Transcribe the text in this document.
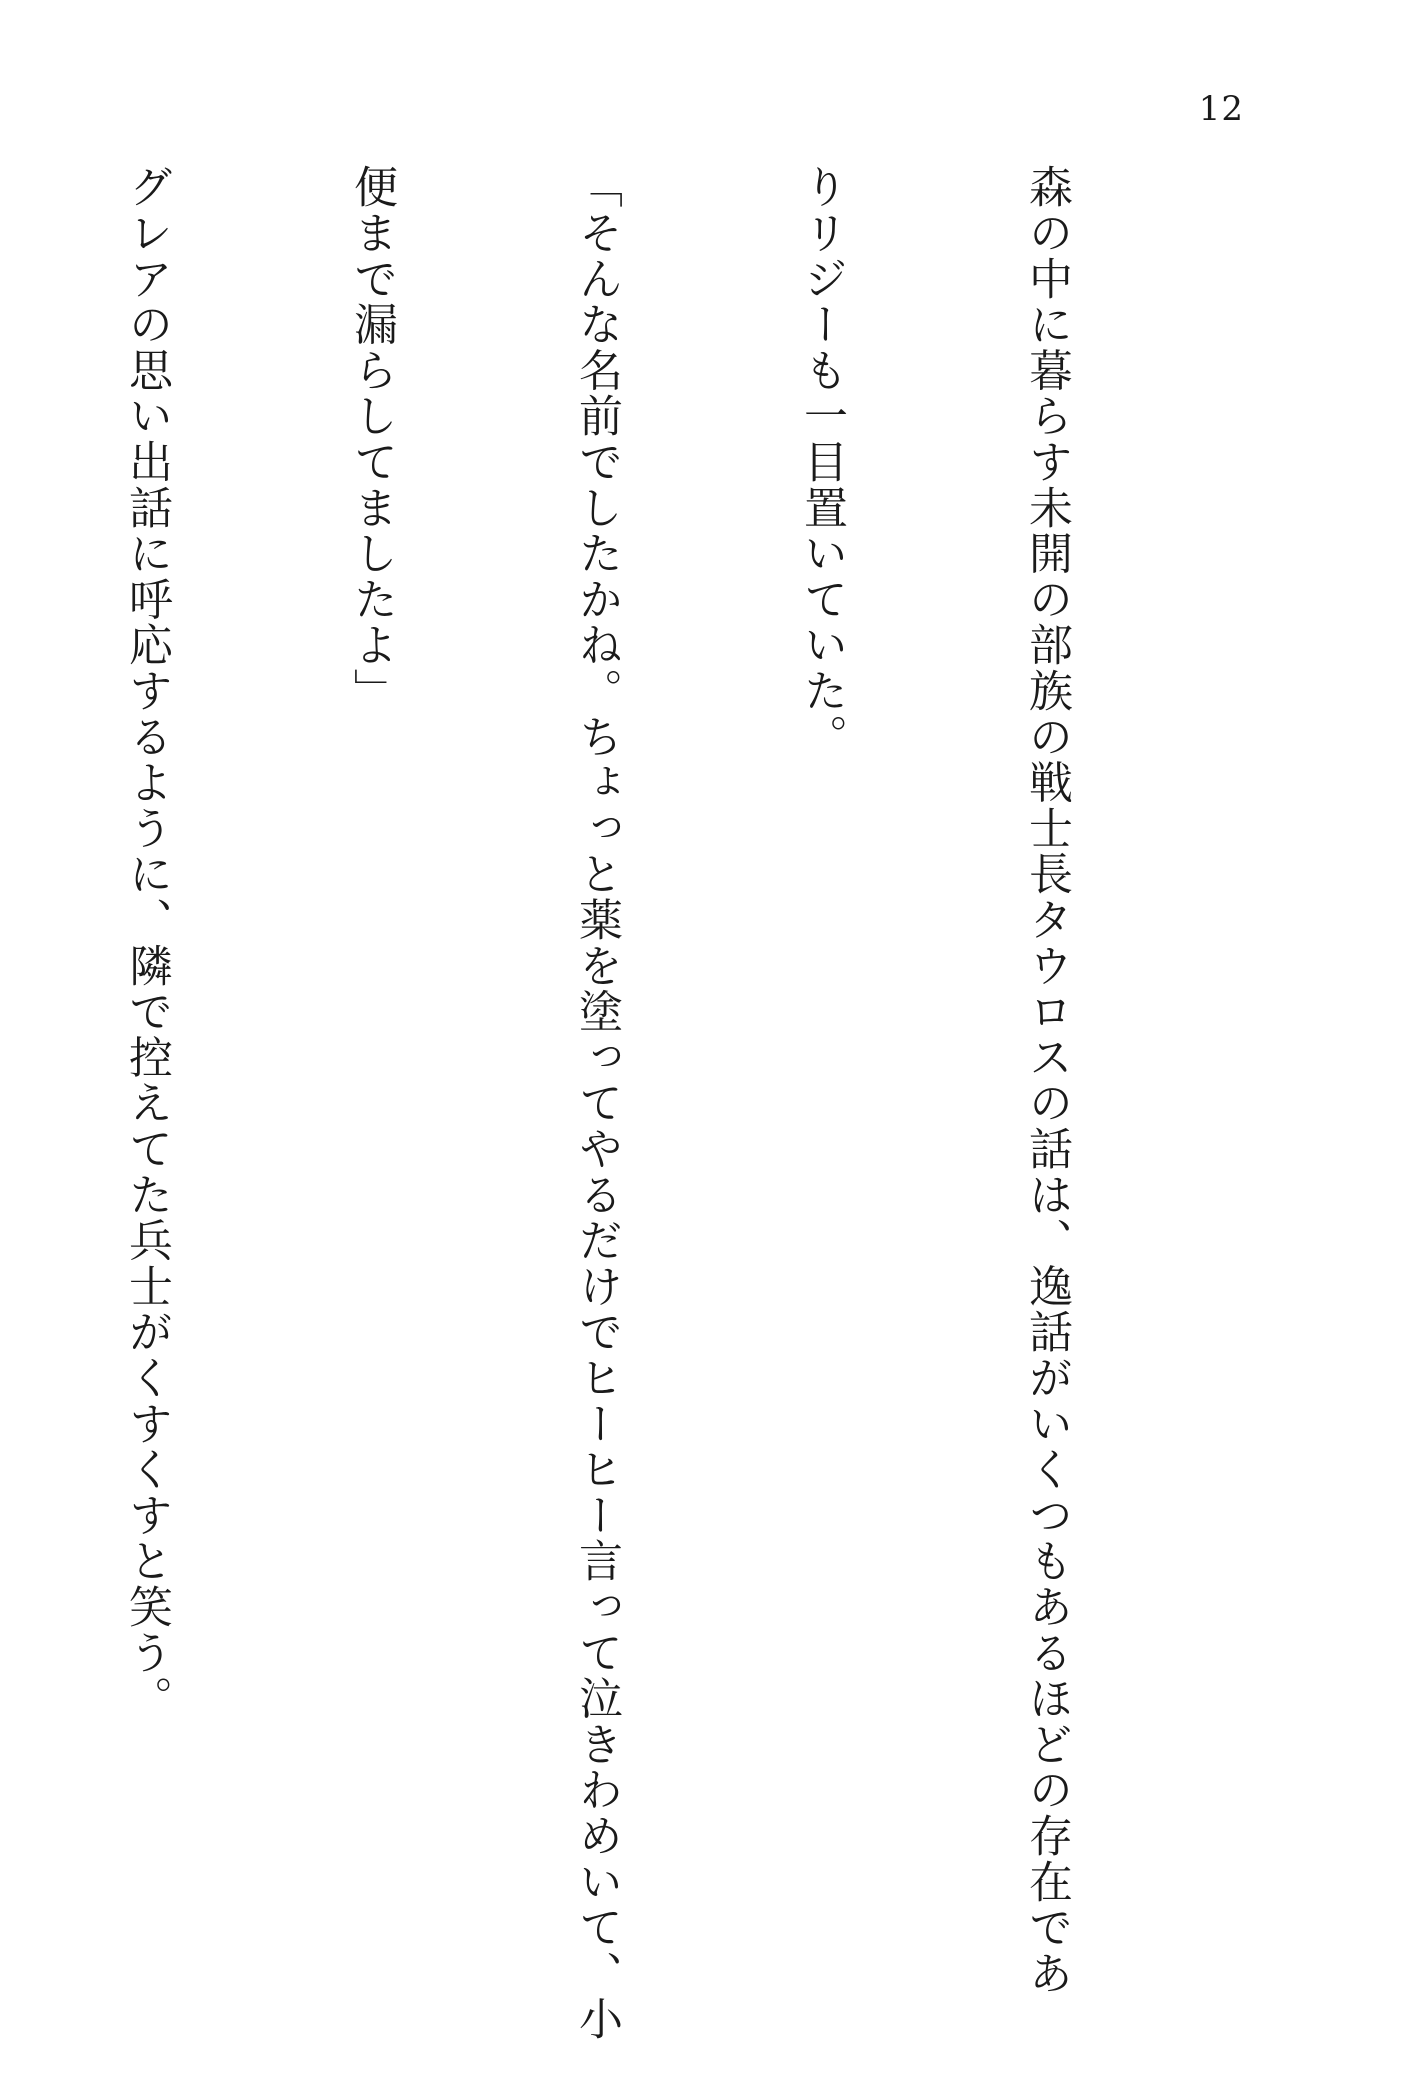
12

森の中に暮らす未開の部族の戦士長タウロスの話は、逸話がいくつもあるほどの存在であ

りリジーも一目置いていた。

「そんな名前でしたかね。ちょっと薬を塗ってやるだけでヒーヒー言って泣きわめいて、小

便まで漏らしてましたよ」

グレアの思い出話に呼応するように、隣で控えてた兵士がくすくすと笑う。
